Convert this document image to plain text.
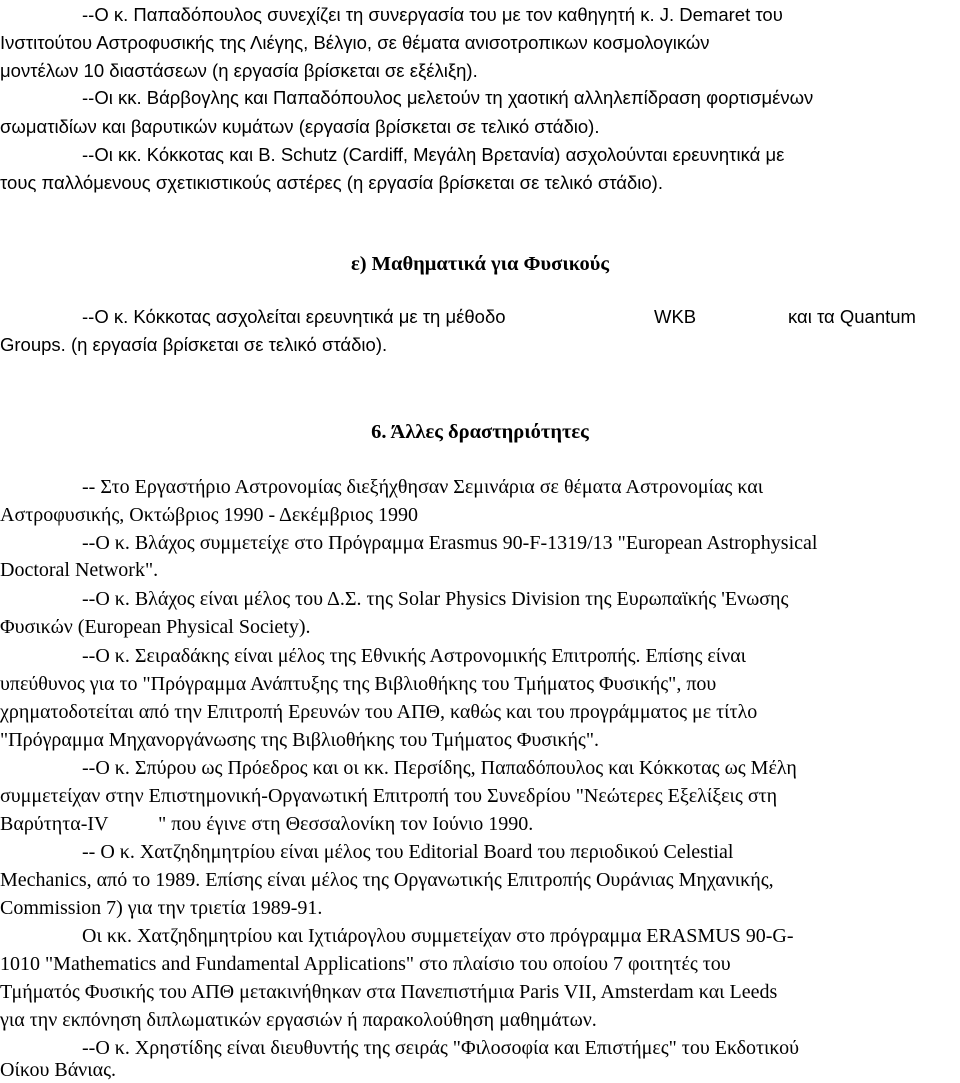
--Ο κ. Παπαδόπουλος συνεχίζει τη συνεργασία του με τον καθηγητή κ. J. Demaret του
Ινστιτούτου Αστροφυσικής της Λιέγης, Βέλγιο, σε θέματα ανισοτροπικων κοσμολογικών
μοντέλων 10 διαστάσεων (η εργασία βρίσκεται σε εξέλιξη).
--Οι κκ. Βάρβογλης και Παπαδόπουλος μελετούν τη χαοτική αλληλεπίδραση φορτισμένων
σωματιδίων και βαρυτικών κυμάτων (εργασία βρίσκεται σε τελικό στάδιο).
--Οι κκ. Κόκκοτας και B. Schutz (Cardiff, Μεγάλη Βρετανία) ασχολούνται ερευνητικά με
τους παλλόμενους σχετικιστικούς αστέρες (η εργασία βρίσκεται σε τελικό στάδιο).
ε) Μαθηματικά για Φυσικούς
--Ο κ. Κόκκοτας ασχολείται ερευνητικά με τη μέθοδο	WKB	και τα Quantum
Groups. (η εργασία βρίσκεται σε τελικό στάδιο).
6. Άλλες δραστηριότητες
-- Στο Εργαστήριο Αστρονομίας διεξήχθησαν Σεμινάρια σε θέματα Αστρονομίας και
Αστροφυσικής, Οκτώβριος 1990 - Δεκέμβριος 1990
--Ο κ. Βλάχος συμμετείχε στο Πρόγραμμα Erasmus 90-F-1319/13 "European Astrophysical
Doctoral Network".
--Ο κ. Βλάχος είναι μέλος του Δ.Σ. της Solar Physics Division της Ευρωπαϊκής 'Ενωσης
Φυσικών (European Physical Society).
--Ο κ. Σειραδάκης είναι μέλος της Εθνικής Αστρονομικής Επιτροπής. Επίσης είναι
υπεύθυνος για το "Πρόγραμμα Ανάπτυξης της Βιβλιοθήκης του Τμήματος Φυσικής", που
χρηματοδοτείται από την Επιτροπή Ερευνών του ΑΠΘ, καθώς και του προγράμματος με τίτλο
"Πρόγραμμα Μηχανοργάνωσης της Βιβλιοθήκης του Τμήματος Φυσικής".
--Ο κ. Σπύρου ως Πρόεδρος και οι κκ. Περσίδης, Παπαδόπουλος και Κόκκοτας ως Μέλη
συμμετείχαν στην Επιστημονική-Οργανωτική Επιτροπή του Συνεδρίου "Νεώτερες Εξελίξεις στη
Βαρύτητα-IV          " που έγινε στη Θεσσαλονίκη τον Ιούνιο 1990.
-- Ο κ. Χατζηδημητρίου είναι μέλος του Editorial Board του περιοδικού Celestial
Mechanics, από το 1989. Επίσης είναι μέλος της Οργανωτικής Επιτροπής Ουράνιας Μηχανικής,
Commission 7) για την τριετία 1989-91.
Οι κκ. Χατζηδημητρίου και Ιχτιάρογλου συμμετείχαν στο πρόγραμμα ERASMUS 90-G-
1010 "Mathematics and Fundamental Applications" στο πλαίσιο του οποίου 7 φοιτητές του
Τμήματός Φυσικής του ΑΠΘ μετακινήθηκαν στα Πανεπιστήμια Paris VII, Amsterdam και Leeds
για την εκπόνηση διπλωματικών εργασιών ή παρακολούθηση μαθημάτων.
--Ο κ. Χρηστίδης είναι διευθυντής της σειράς "Φιλοσοφία και Επιστήμες" του Εκδοτικού
Οίκου Βάνιας.
